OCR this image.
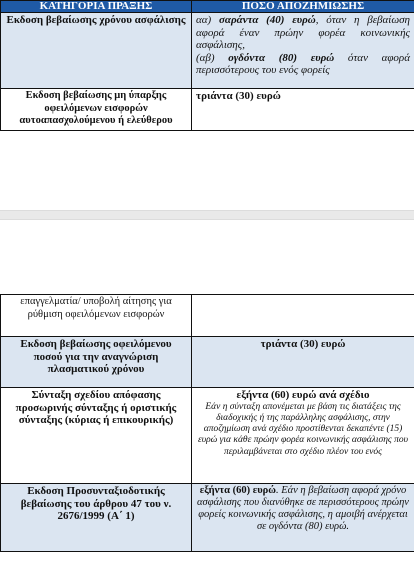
ΚΑΤΗΓΟΡΙΑ ΠΡΑΞΗΣ	ΠΟΣΟ ΑΠΟΖΗΜΙΩΣΗΣ
Εκδοση βεβαίωσης χρόνου ασφάλισης	αα) σαράντα (40) ευρώ, όταν η βεβαίωση αφορά έναν πρώην φορέα κοινωνικής ασφάλισης,

(αβ) ογδόντα (80) ευρώ όταν αφορά περισσότερους του ενός φορείς

Εκδοση βεβαίωσης μη ύπαρξης οφειλόμενων εισφορών αυτοαπασχολούμενου ή ελεύθερου	τριάντα (30) ευρώ
επαγγελματία/ υποβολή αίτησης για ρύθμιση οφειλόμενων εισφορών	
Εκδοση βεβαίωσης οφειλόμενου ποσού για την αναγνώριση πλασματικού χρόνου	τριάντα (30) ευρώ
Σύνταξη σχεδίου απόφασης προσωρινής σύνταξης ή οριστικής σύνταξης (κύριας ή επικουρικής)	εξήντα (60) ευρώ ανά σχέδιο

Εάν η σύνταξη απονέμεται με βάση τις διατάξεις της διαδοχικής ή της παράλληλης ασφάλισης, στην αποζημίωση ανά σχέδιο προστίθενται δεκαπέντε (15) ευρώ για κάθε πρώην φορέα κοινωνικής ασφάλισης που περιλαμβάνεται στο σχέδιο πλέον του ενός

Εκδοση Προσυνταξιοδοτικής βεβαίωσης του άρθρου 47 του ν. 2676/1999 (Α΄ 1)	εξήντα (60) ευρώ. Εάν η βεβαίωση αφορά χρόνο ασφάλισης που διανύθηκε σε περισσότερους πρώην φορείς κοινωνικής ασφάλισης, η αμοιβή ανέρχεται σε ογδόντα (80) ευρώ.
